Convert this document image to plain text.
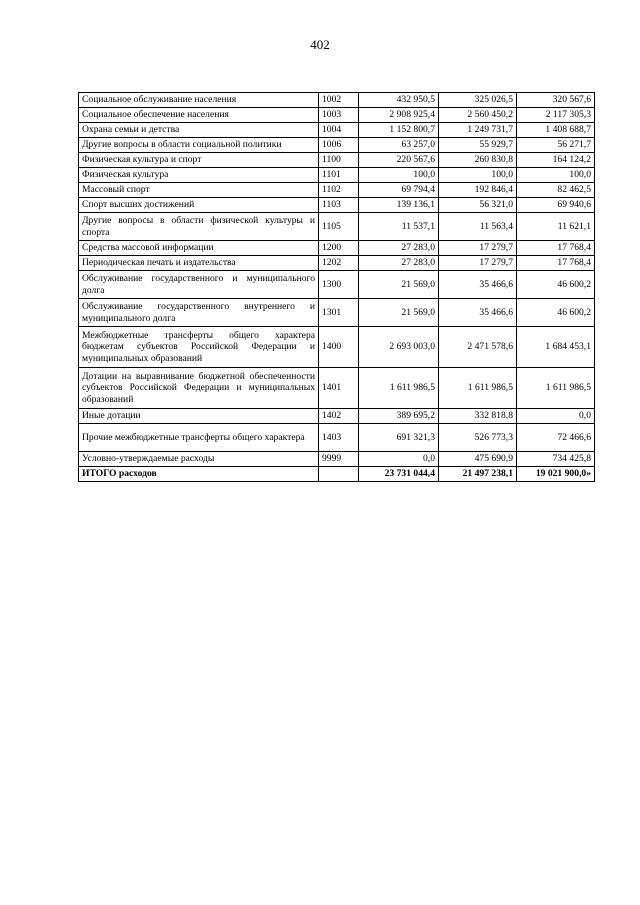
402
Социальное обслуживание населения	1002	432 950,5	325 026,5	320 567,6
Социальное обеспечение населения	1003	2 908 925,4	2 560 450,2	2 117 305,3
Охрана семьи и детства	1004	1 152 800,7	1 249 731,7	1 408 688,7
Другие вопросы в области социальной политики	1006	63 257,0	55 929,7	56 271,7
Физическая культура и спорт	1100	220 567,6	260 830,8	164 124,2
Физическая культура	1101	100,0	100,0	100,0
Массовый спорт	1102	69 794,4	192 846,4	82 462,5
Спорт высших достижений	1103	139 136,1	56 321,0	69 940,6
Другие вопросы в области физической культуры и спорта	1105	11 537,1	11 563,4	11 621,1
Средства массовой информации	1200	27 283,0	17 279,7	17 768,4
Периодическая печать и издательства	1202	27 283,0	17 279,7	17 768,4
Обслуживание государственного и муниципального долга	1300	21 569,0	35 466,6	46 600,2
Обслуживание государственного внутреннего и муниципального долга	1301	21 569,0	35 466,6	46 600,2
Межбюджетные трансферты общего характера бюджетам субъектов Российской Федерации и муниципальных образований	1400	2 693 003,0	2 471 578,6	1 684 453,1
Дотации на выравнивание бюджетной обеспеченности субъектов Российской Федерации и муниципальных образований	1401	1 611 986,5	1 611 986,5	1 611 986,5
Иные дотации	1402	389 695,2	332 818,8	0,0
Прочие межбюджетные трансферты общего характера	1403	691 321,3	526 773,3	72 466,6
Условно-утверждаемые расходы	9999	0,0	475 690,9	734 425,8
ИТОГО расходов		23 731 044,4	21 497 238,1	19 021 900,0»
